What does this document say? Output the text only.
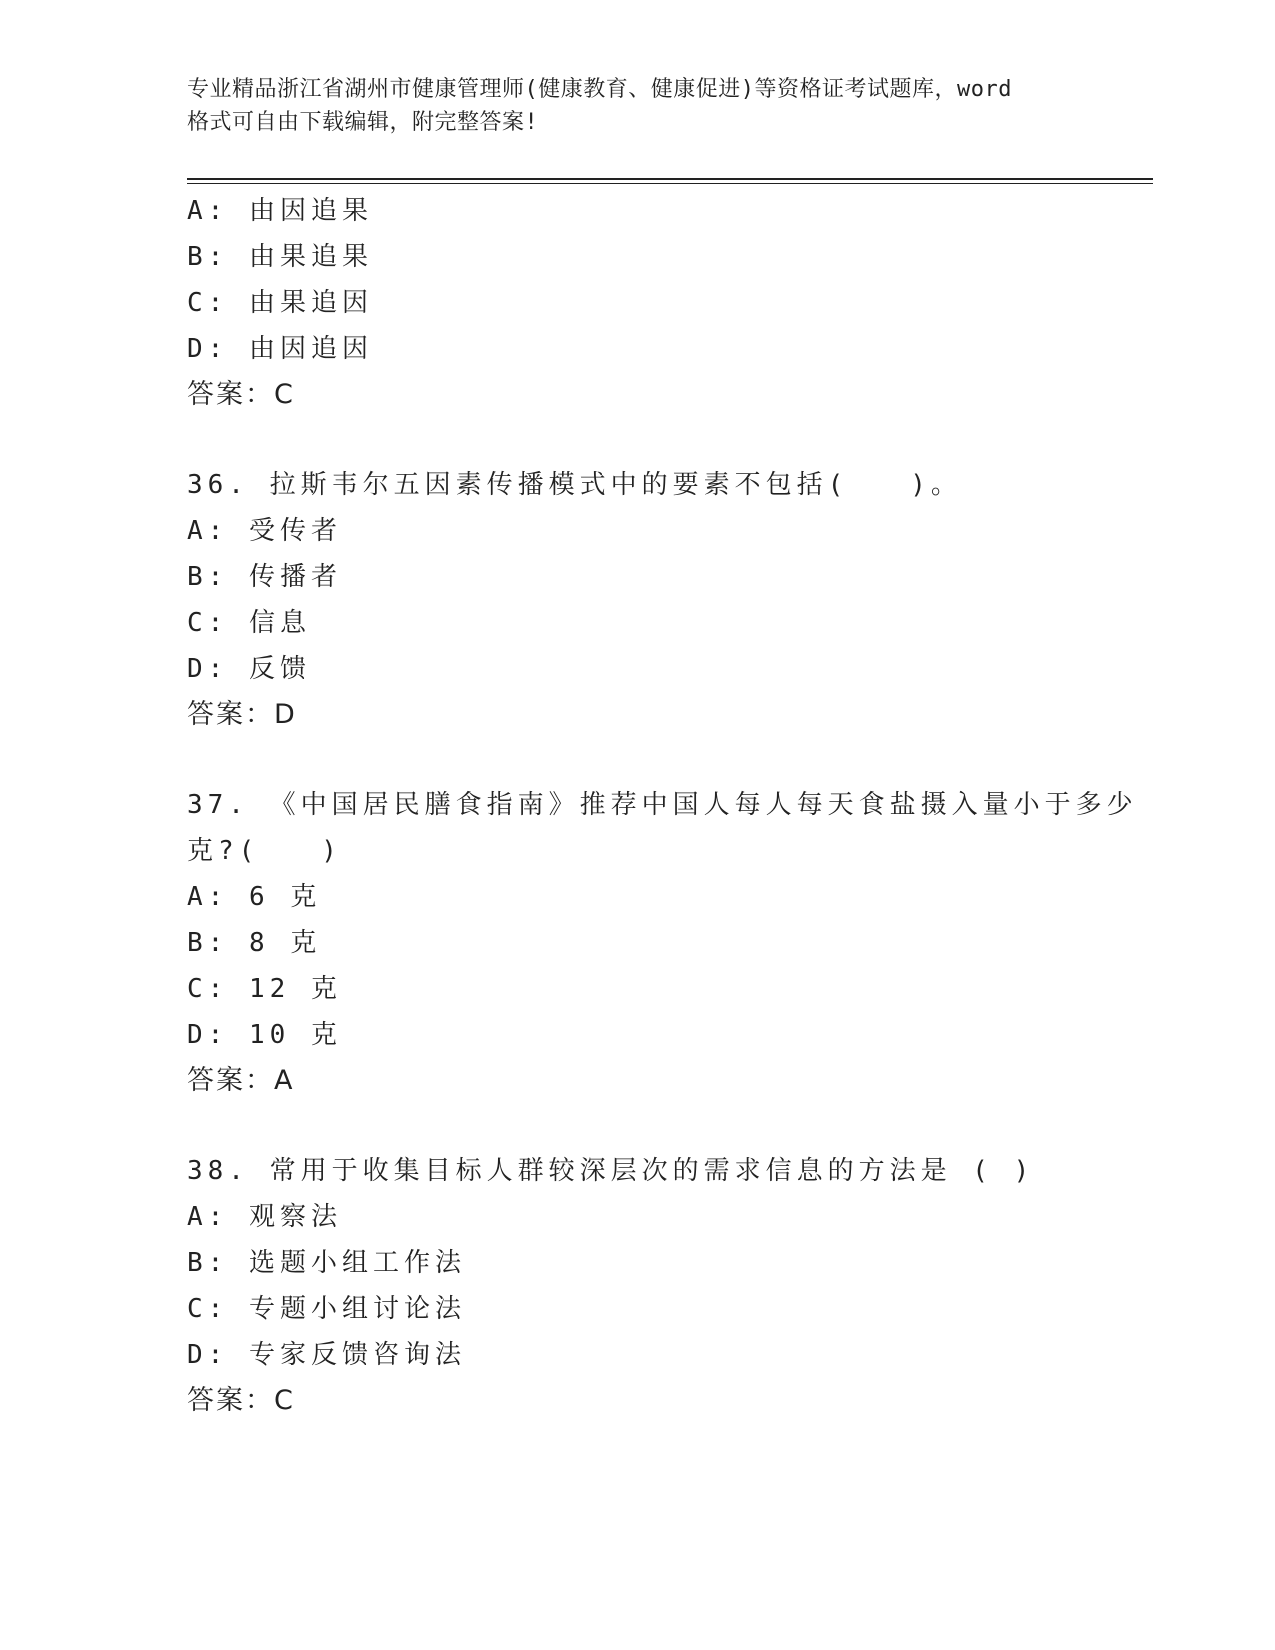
专业精品浙江省湖州市健康管理师(健康教育、健康促进)等资格证考试题库，word
格式可自由下载编辑，附完整答案!
A: 由因追果
B: 由果追果
C: 由果追因
D: 由因追因
答案：C
36. 拉斯韦尔五因素传播模式中的要素不包括(　　)。
A: 受传者
B: 传播者
C: 信息
D: 反馈
答案：D
37. 《中国居民膳食指南》推荐中国人每人每天食盐摄入量小于多少
克?(　　)
A: 6 克
B: 8 克
C: 12 克
D: 10 克
答案：A
38. 常用于收集目标人群较深层次的需求信息的方法是 ( )
A: 观察法
B: 选题小组工作法
C: 专题小组讨论法
D: 专家反馈咨询法
答案：C
